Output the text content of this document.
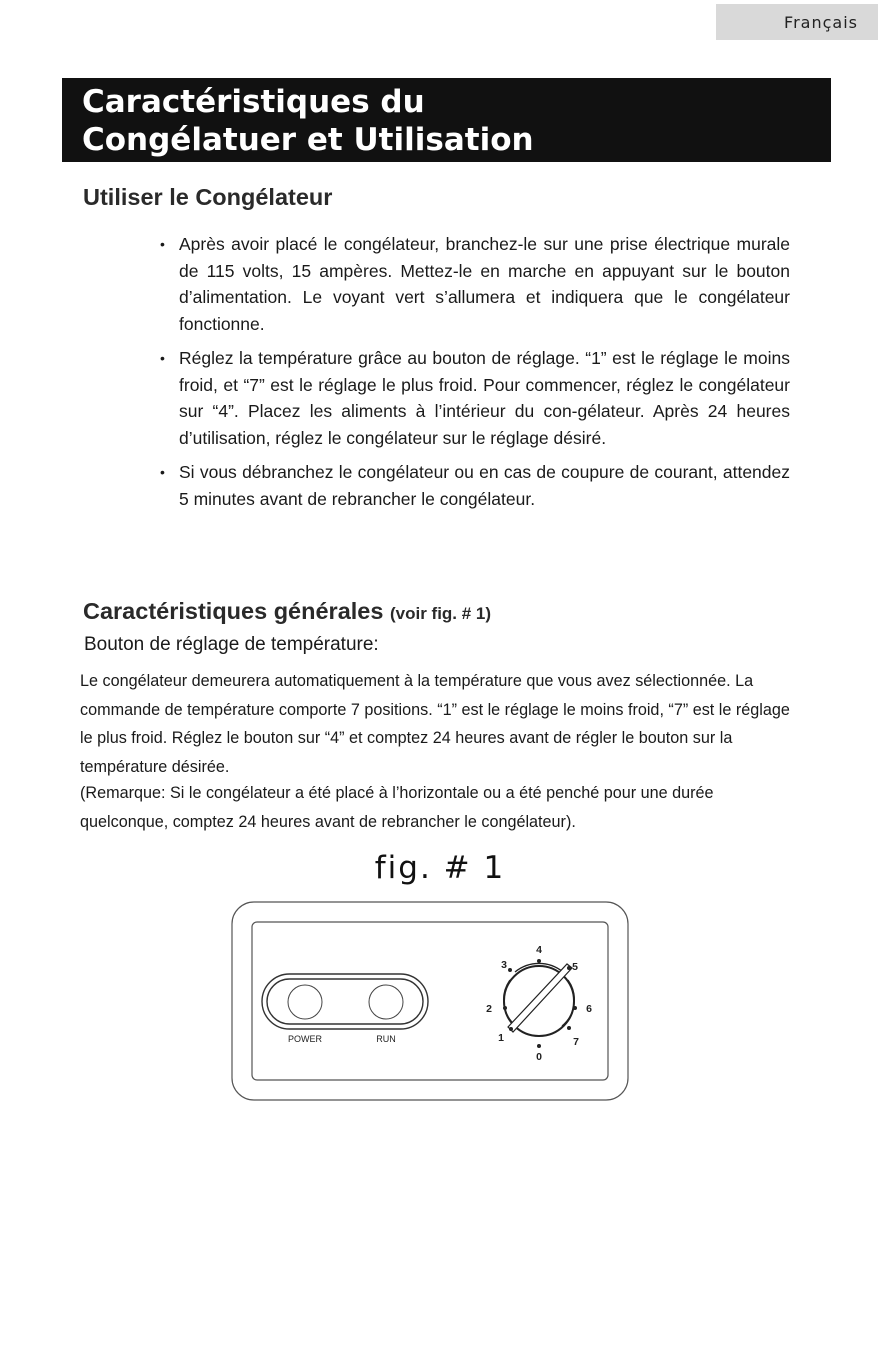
Français
Caractéristiques du
Congélatuer et Utilisation
Utiliser le Congélateur
• Après avoir placé le congélateur, branchez-le sur une prise électrique murale de 115 volts, 15 ampères. Mettez-le en marche en appuyant sur le bouton d’alimentation. Le voyant vert s’allumera et indiquera que le congélateur fonctionne.
• Réglez la température grâce au bouton de réglage. “1” est le réglage le moins froid, et “7” est le réglage le plus froid. Pour commencer, réglez le congélateur sur “4”. Placez les aliments à l’intérieur du con-gélateur. Après 24 heures d’utilisation, réglez le congélateur sur le réglage désiré.
• Si vous débranchez le congélateur ou en cas de coupure de courant, attendez 5 minutes avant de rebrancher le congélateur.
Caractéristiques générales (voir fig. # 1)
Bouton de réglage de température:

Le congélateur demeurera automatiquement à la température que vous avez sélectionnée. La commande de température comporte 7 positions. “1” est le réglage le moins froid, “7” est le réglage le plus froid. Réglez le bouton sur “4” et comptez 24 heures avant de régler le bouton sur la température désirée.

(Remarque: Si le congélateur a été placé à l’horizontale ou a été penché pour une durée quelconque, comptez 24 heures avant de rebrancher le congélateur).

fig. # 1
POWER	RUN
0
1
2
3
4
5
6
7
